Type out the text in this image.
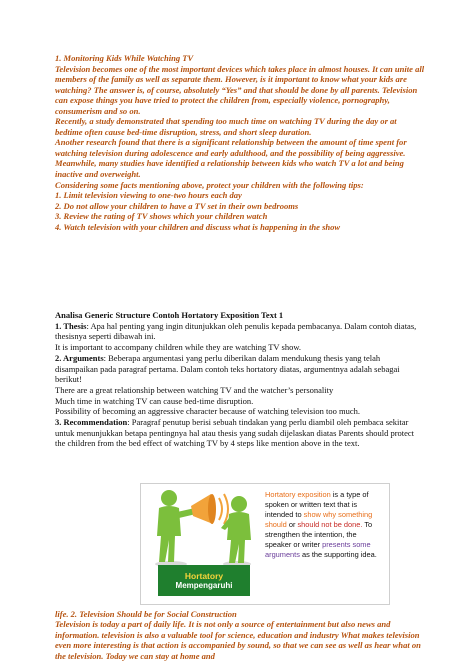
1. Monitoring Kids While Watching TV

Television becomes one of the most important devices which takes place in almost houses. It can unite all members of the family as well as separate them. However, is it important to know what your kids are watching? The answer is, of course, absolutely “Yes” and that should be done by all parents. Television can expose things you have tried to protect the children from, especially violence, pornography, consumerism and so on.

Recently, a study demonstrated that spending too much time on watching TV during the day or at bedtime often cause bed-time disruption, stress, and short sleep duration.

Another research found that there is a significant relationship between the amount of time spent for watching television during adolescence and early adulthood, and the possibility of being aggressive.

Meanwhile, many studies have identified a relationship between kids who watch TV a lot and being inactive and overweight.

Considering some facts mentioning above, protect your children with the following tips:

1. Limit television viewing to one-two hours each day

2. Do not allow your children to have a TV set in their own bedrooms

3. Review the rating of TV shows which your children watch

4. Watch television with your children and discuss what is happening in the show

Analisa Generic Structure Contoh Hortatory Exposition Text 1

1. Thesis: Apa hal penting yang ingin ditunjukkan oleh penulis kepada pembacanya. Dalam contoh diatas, thesisnya seperti dibawah ini.

It is important to accompany children while they are watching TV show.

2. Arguments: Beberapa argumentasi yang perlu diberikan dalam mendukung thesis yang telah disampaikan pada paragraf pertama. Dalam contoh teks hortatory diatas, argumentnya adalah sebagai berikut!

There are a great relationship between watching TV and the watcher’s personality

Much time in watching TV can cause bed-time disruption.

Possibility of becoming an aggressive character because of watching television too much.

3. Recommendation: Paragraf penutup berisi sebuah tindakan yang perlu diambil oleh pembaca sekitar untuk menunjukkan betapa pentingnya hal atau thesis yang sudah dijelaskan diatas Parents should protect the children from the bed effect of watching TV by 4 steps like mention above in the text.

Hortatory
Mempengaruhi
Hortatory exposition is a type of spoken or written text that is intended to show why something should or should not be done. To strengthen the intention, the speaker or writer presents some arguments as the supporting idea.

life. 2. Television Should be for Social Construction

Television is today a part of daily life. It is not only a source of entertainment but also news and information. television is also a valuable tool for science, education and industry What makes television even more interesting is that action is accompanied by sound, so that we can see as well as hear what on the television. Today we can stay at home and
